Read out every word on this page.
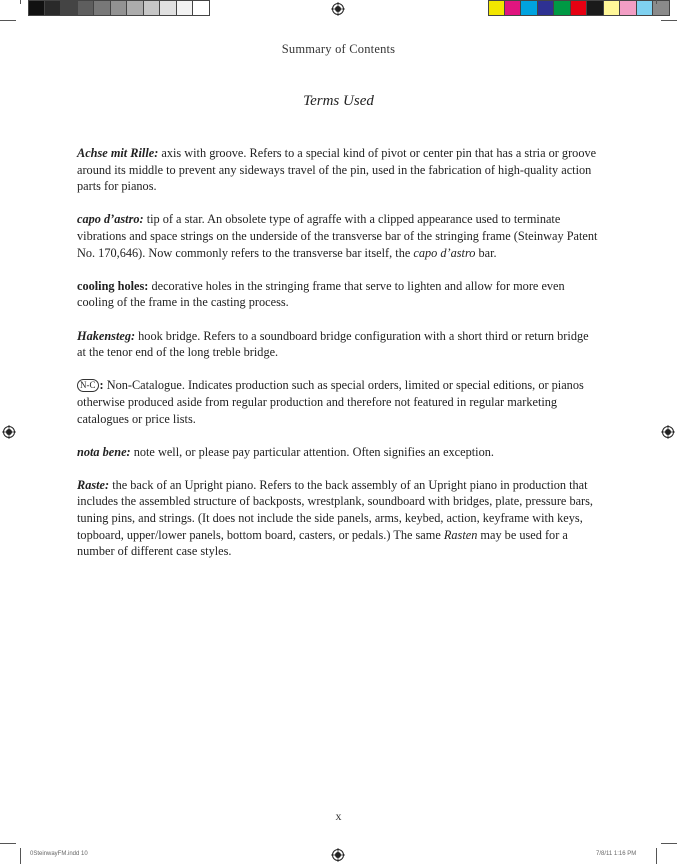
Summary of Contents
Terms Used

Achse mit Rille: axis with groove. Refers to a special kind of pivot or center pin that has a stria or groove around its middle to prevent any sideways travel of the pin, used in the fabrication of high-quality action parts for pianos.

capo d’astro: tip of a star. An obsolete type of agraffe with a clipped appearance used to terminate vibrations and space strings on the underside of the transverse bar of the stringing frame (Steinway Patent No. 170,646). Now commonly refers to the transverse bar itself, the capo d’astro bar.

cooling holes: decorative holes in the stringing frame that serve to lighten and allow for more even cooling of the frame in the casting process.

Hakensteg: hook bridge. Refers to a soundboard bridge configuration with a short third or return bridge at the tenor end of the long treble bridge.

N-C : Non-Catalogue. Indicates production such as special orders, limited or special editions, or pianos otherwise produced aside from regular production and therefore not featured in regular marketing catalogues or price lists.

nota bene: note well, or please pay particular attention. Often signifies an exception.

Raste: the back of an Upright piano. Refers to the back assembly of an Upright piano in production that includes the assembled structure of backposts, wrestplank, soundboard with bridges, plate, pressure bars, tuning pins, and strings. (It does not include the side panels, arms, keybed, action, keyframe with keys, topboard, upper/lower panels, bottom board, casters, or pedals.) The same Rasten may be used for a number of different case styles.

x
0SteinwayFM.indd 10	7/8/11 1:16 PM
